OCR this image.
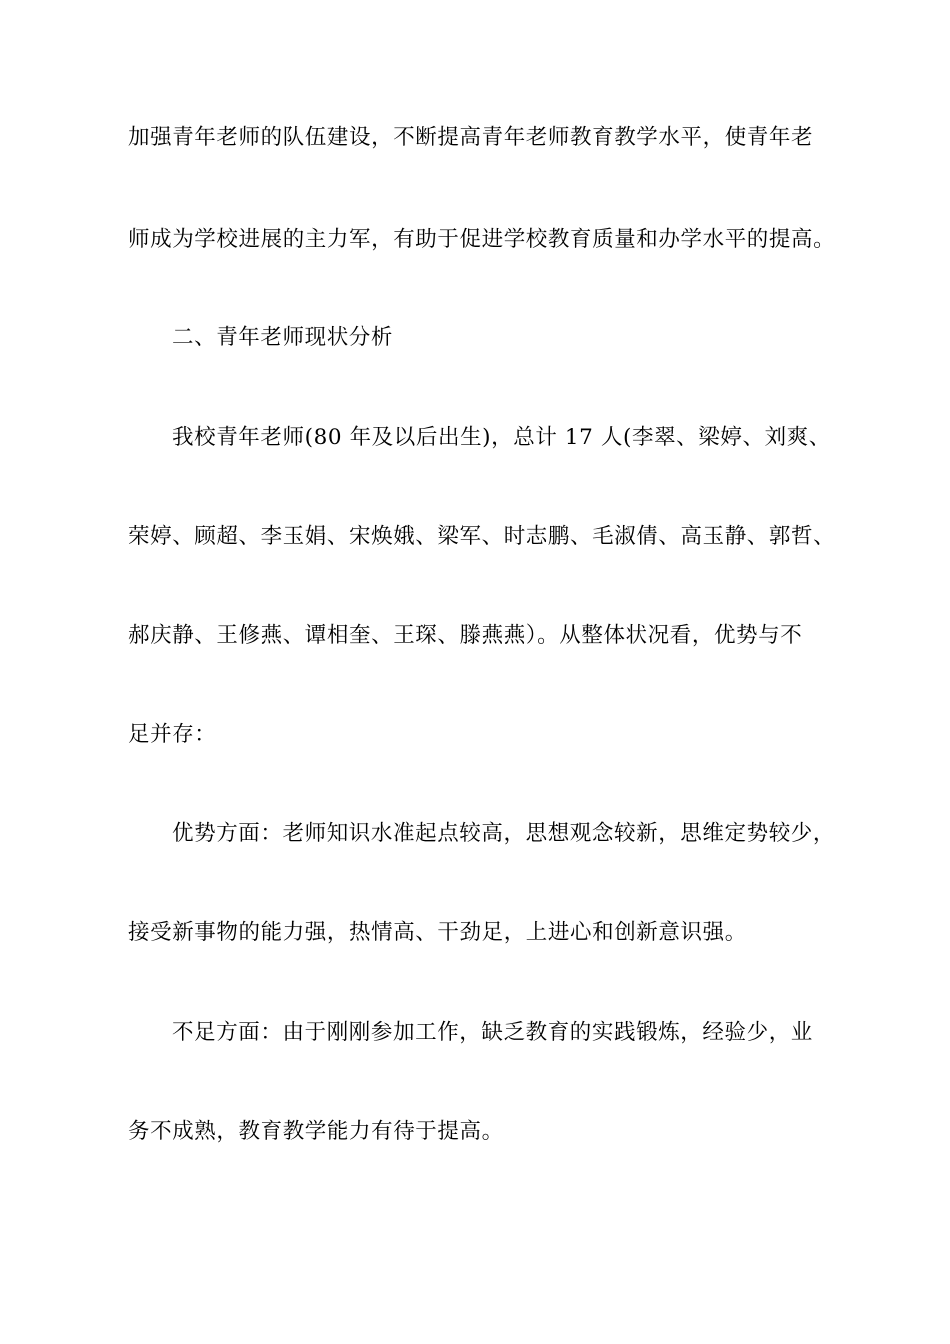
加强青年老师的队伍建设，不断提高青年老师教育教学水平，使青年老
师成为学校进展的主力军，有助于促进学校教育质量和办学水平的提高。
二、青年老师现状分析
我校青年老师(80 年及以后出生)，总计 17 人(李翠、梁婷、刘爽、
荣婷、顾超、李玉娟、宋焕娥、梁军、时志鹏、毛淑倩、高玉静、郭哲、
郝庆静、王修燕、谭相奎、王琛、滕燕燕）。从整体状况看，优势与不
足并存：
优势方面：老师知识水准起点较高，思想观念较新，思维定势较少，
接受新事物的能力强，热情高、干劲足，上进心和创新意识强。
不足方面：由于刚刚参加工作，缺乏教育的实践锻炼，经验少，业
务不成熟，教育教学能力有待于提高。
